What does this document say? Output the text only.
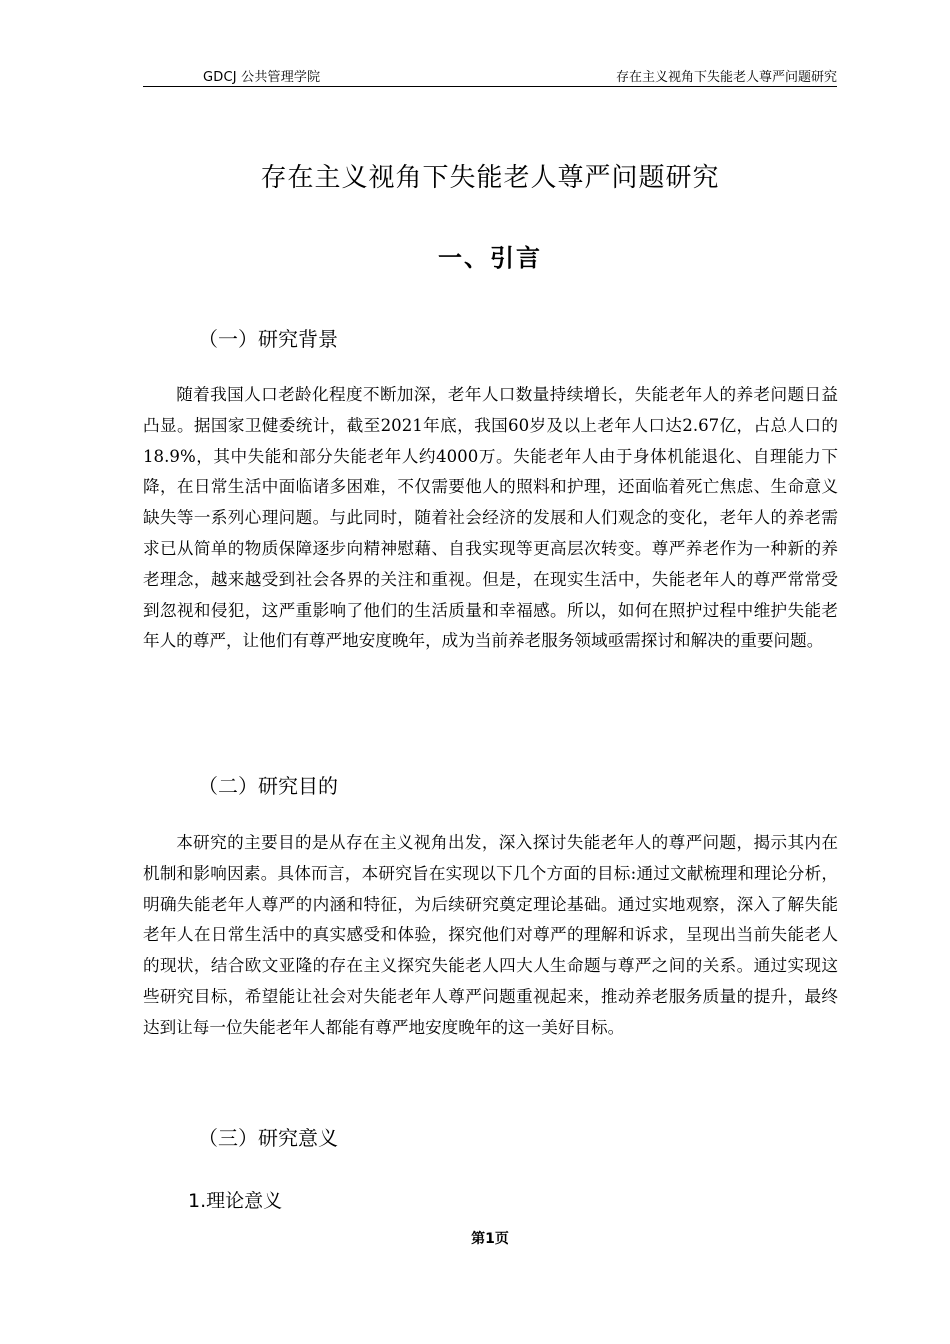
GDCJ 公共管理学院	存在主义视角下失能老人尊严问题研究
存在主义视角下失能老人尊严问题研究
一、引言
（一）研究背景

随着我国人口老龄化程度不断加深，老年人口数量持续增长，失能老年人的养老问题日益凸显。据国家卫健委统计，截至2021年底，我国60岁及以上老年人口达2.67亿，占总人口的18.9%，其中失能和部分失能老年人约4000万。失能老年人由于身体机能退化、自理能力下降，在日常生活中面临诸多困难，不仅需要他人的照料和护理，还面临着死亡焦虑、生命意义缺失等一系列心理问题。与此同时，随着社会经济的发展和人们观念的变化，老年人的养老需求已从简单的物质保障逐步向精神慰藉、自我实现等更高层次转变。尊严养老作为一种新的养老理念，越来越受到社会各界的关注和重视。但是，在现实生活中，失能老年人的尊严常常受到忽视和侵犯，这严重影响了他们的生活质量和幸福感。所以，如何在照护过程中维护失能老年人的尊严，让他们有尊严地安度晚年，成为当前养老服务领域亟需探讨和解决的重要问题。

（二）研究目的

本研究的主要目的是从存在主义视角出发，深入探讨失能老年人的尊严问题，揭示其内在机制和影响因素。具体而言，本研究旨在实现以下几个方面的目标:通过文献梳理和理论分析，明确失能老年人尊严的内涵和特征，为后续研究奠定理论基础。通过实地观察，深入了解失能老年人在日常生活中的真实感受和体验，探究他们对尊严的理解和诉求，呈现出当前失能老人的现状，结合欧文亚隆的存在主义探究失能老人四大人生命题与尊严之间的关系。通过实现这些研究目标，希望能让社会对失能老年人尊严问题重视起来，推动养老服务质量的提升，最终达到让每一位失能老年人都能有尊严地安度晚年的这一美好目标。

（三）研究意义
1.理论意义
第1页
